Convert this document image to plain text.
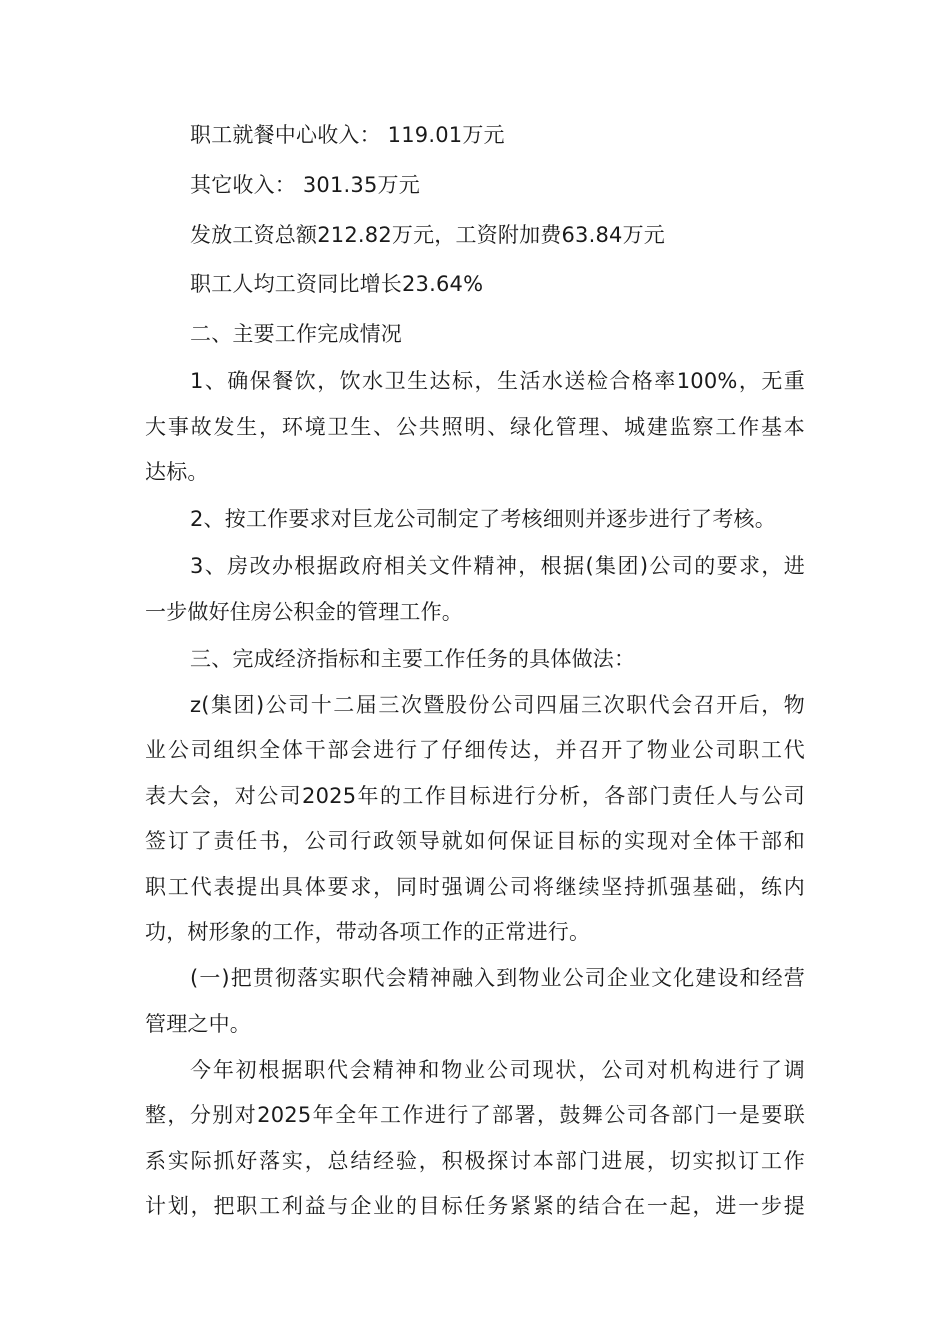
职工就餐中心收入： 119.01万元
其它收入： 301.35万元
发放工资总额212.82万元，工资附加费63.84万元
职工人均工资同比增长23.64%
二、主要工作完成情况
1、确保餐饮，饮水卫生达标，生活水送检合格率100%，无重
大事故发生，环境卫生、公共照明、绿化管理、城建监察工作基本
达标。
2、按工作要求对巨龙公司制定了考核细则并逐步进行了考核。
3、房改办根据政府相关文件精神，根据(集团)公司的要求，进
一步做好住房公积金的管理工作。
三、完成经济指标和主要工作任务的具体做法：
z(集团)公司十二届三次暨股份公司四届三次职代会召开后，物
业公司组织全体干部会进行了仔细传达，并召开了物业公司职工代
表大会，对公司2025年的工作目标进行分析，各部门责任人与公司
签订了责任书，公司行政领导就如何保证目标的实现对全体干部和
职工代表提出具体要求，同时强调公司将继续坚持抓强基础，练内
功，树形象的工作，带动各项工作的正常进行。
(一)把贯彻落实职代会精神融入到物业公司企业文化建设和经营
管理之中。
今年初根据职代会精神和物业公司现状，公司对机构进行了调
整，分别对2025年全年工作进行了部署，鼓舞公司各部门一是要联
系实际抓好落实，总结经验，积极探讨本部门进展，切实拟订工作
计划，把职工利益与企业的目标任务紧紧的结合在一起，进一步提
